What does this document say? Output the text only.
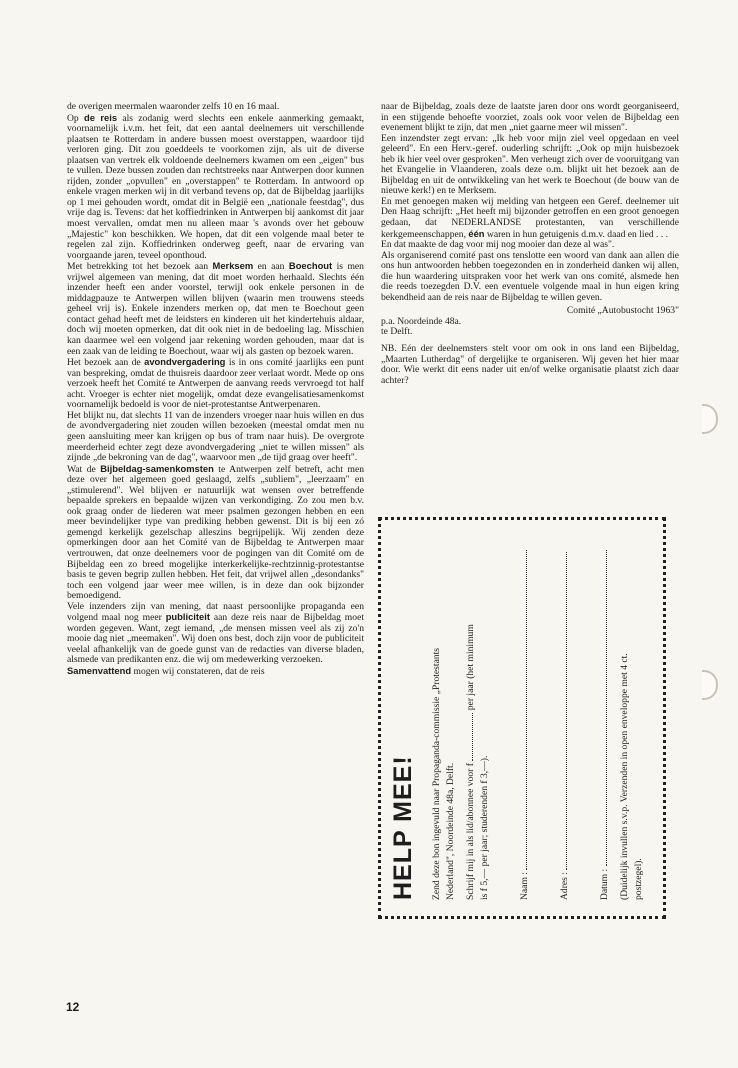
de overigen meermalen waaronder zelfs 10 en 16 maal.

Op de reis als zodanig werd slechts een enkele aanmerking gemaakt, voornamelijk i.v.m. het feit, dat een aantal deelnemers uit verschillende plaatsen te Rotterdam in andere bussen moest overstappen, waardoor tijd verloren ging. Dit zou goeddeels te voorkomen zijn, als uit de diverse plaatsen van vertrek elk voldoende deelnemers kwamen om een „eigen" bus te vullen. Deze bussen zouden dan rechtstreeks naar Antwerpen door kunnen rijden, zonder „opvullen" en „overstappen" te Rotterdam. In antwoord op enkele vragen merken wij in dit verband tevens op, dat de Bijbeldag jaarlijks op 1 mei gehouden wordt, omdat dit in België een „nationale feestdag", dus vrije dag is. Tevens: dat het koffiedrinken in Antwerpen bij aankomst dit jaar moest vervallen, omdat men nu alleen maar 's avonds over het gebouw „Majestic" kon beschikken. We hopen, dat dit een volgende maal beter te regelen zal zijn. Koffiedrinken onderweg geeft, naar de ervaring van voorgaande jaren, teveel oponthoud.

Met betrekking tot het bezoek aan Merksem en aan Boechout is men vrijwel algemeen van mening, dat dit moet worden herhaald. Slechts één inzender heeft een ander voorstel, terwijl ook enkele personen in de middagpauze te Antwerpen willen blijven (waarin men trouwens steeds geheel vrij is). Enkele inzenders merken op, dat men te Boechout geen contact gehad heeft met de leidsters en kinderen uit het kindertehuis aldaar, doch wij moeten opmerken, dat dit ook niet in de bedoeling lag. Misschien kan daarmee wel een volgend jaar rekening worden gehouden, maar dat is een zaak van de leiding te Boechout, waar wij als gasten op bezoek waren.

Het bezoek aan de avondvergadering is in ons comité jaarlijks een punt van bespreking, omdat de thuisreis daardoor zeer verlaat wordt. Mede op ons verzoek heeft het Comité te Antwerpen de aanvang reeds vervroegd tot half acht. Vroeger is echter niet mogelijk, omdat deze evangelisatiesamenkomst voornamelijk bedoeld is voor de niet-protestantse Antwerpenaren.

Het blijkt nu, dat slechts 11 van de inzenders vroeger naar huis willen en dus de avondvergadering niet zouden willen bezoeken (meestal omdat men nu geen aansluiting meer kan krijgen op bus of tram naar huis). De overgrote meerderheid echter zegt deze avondvergadering „niet te willen missen" als zijnde „de bekroning van de dag", waarvoor men „de tijd graag over heeft".

Wat de Bijbeldag-samenkomsten te Antwerpen zelf betreft, acht men deze over het algemeen goed geslaagd, zelfs „subliem", „leerzaam" en „stimulerend". Wel blijven er natuurlijk wat wensen over betreffende bepaalde sprekers en bepaalde wijzen van verkondiging. Zo zou men b.v. ook graag onder de liederen wat meer psalmen gezongen hebben en een meer bevindelijker type van prediking hebben gewenst. Dit is bij een zó gemengd kerkelijk gezelschap alleszins begrijpelijk. Wij zenden deze opmerkingen door aan het Comité van de Bijbeldag te Antwerpen maar vertrouwen, dat onze deelnemers voor de pogingen van dit Comité om de Bijbeldag een zo breed mogelijke interkerkelijke-rechtzinnig-protestantse basis te geven begrip zullen hebben. Het feit, dat vrijwel allen „desondanks" toch een volgend jaar weer mee willen, is in deze dan ook bijzonder bemoedigend.

Vele inzenders zijn van mening, dat naast persoonlijke propaganda een volgend maal nog meer publiciteit aan deze reis naar de Bijbeldag moet worden gegeven. Want, zegt iemand, „de mensen missen veel als zij zo'n mooie dag niet „meemaken". Wij doen ons best, doch zijn voor de publiciteit veelal afhankelijk van de goede gunst van de redacties van diverse bladen, alsmede van predikanten enz. die wij om medewerking verzoeken.

Samenvattend mogen wij constateren, dat de reis

naar de Bijbeldag, zoals deze de laatste jaren door ons wordt georganiseerd, in een stijgende behoefte voorziet, zoals ook voor velen de Bijbeldag een evenement blijkt te zijn, dat men „niet gaarne meer wil missen".

Een inzendster zegt ervan: „Ik heb voor mijn ziel veel opgedaan en veel geleerd". En een Herv.-geref. ouderling schrijft: „Ook op mijn huisbezoek heb ik hier veel over gesproken". Men verheugt zich over de vooruitgang van het Evangelie in Vlaanderen, zoals deze o.m. blijkt uit het bezoek aan de Bijbeldag en uit de ontwikkeling van het werk te Boechout (de bouw van de nieuwe kerk!) en te Merksem.

En met genoegen maken wij melding van hetgeen een Geref. deelnemer uit Den Haag schrijft: „Het heeft mij bijzonder getroffen en een groot genoegen gedaan, dat NEDERLANDSE protestanten, van verschillende kerkgemeenschappen, één waren in hun getuigenis d.m.v. daad en lied . . .

En dat maakte de dag voor mij nog mooier dan deze al was".

Als organiserend comité past ons tenslotte een woord van dank aan allen die ons hun antwoorden hebben toegezonden en in zonderheid danken wij allen, die hun waardering uitspraken voor het werk van ons comité, alsmede hen die reeds toezegden D.V. een eventuele volgende maal in hun eigen kring bekendheid aan de reis naar de Bijbeldag te willen geven.

Comité „Autobustocht 1963"

p.a. Noordeinde 48a.

te Delft.

NB. Eén der deelnemsters stelt voor om ook in ons land een Bijbeldag, „Maarten Lutherdag" of dergelijke te organiseren. Wij geven het hier maar door. Wie werkt dit eens nader uit en/of welke organisatie plaatst zich daar achter?

HELP MEE! Zend deze bon ingevuld naar Propaganda-commissie „Protestants Nederland", Noordeinde 48a, Delft. Schrijf mij in als lid/abonnee voor f  per jaar (het minimum
is f 5,— per jaar; studerenden f 3,—).	Naam :	Adres :	Datum : (Duidelijk invullen s.v.p. Verzenden in open enveloppe met 4 ct. postzegel).
12
